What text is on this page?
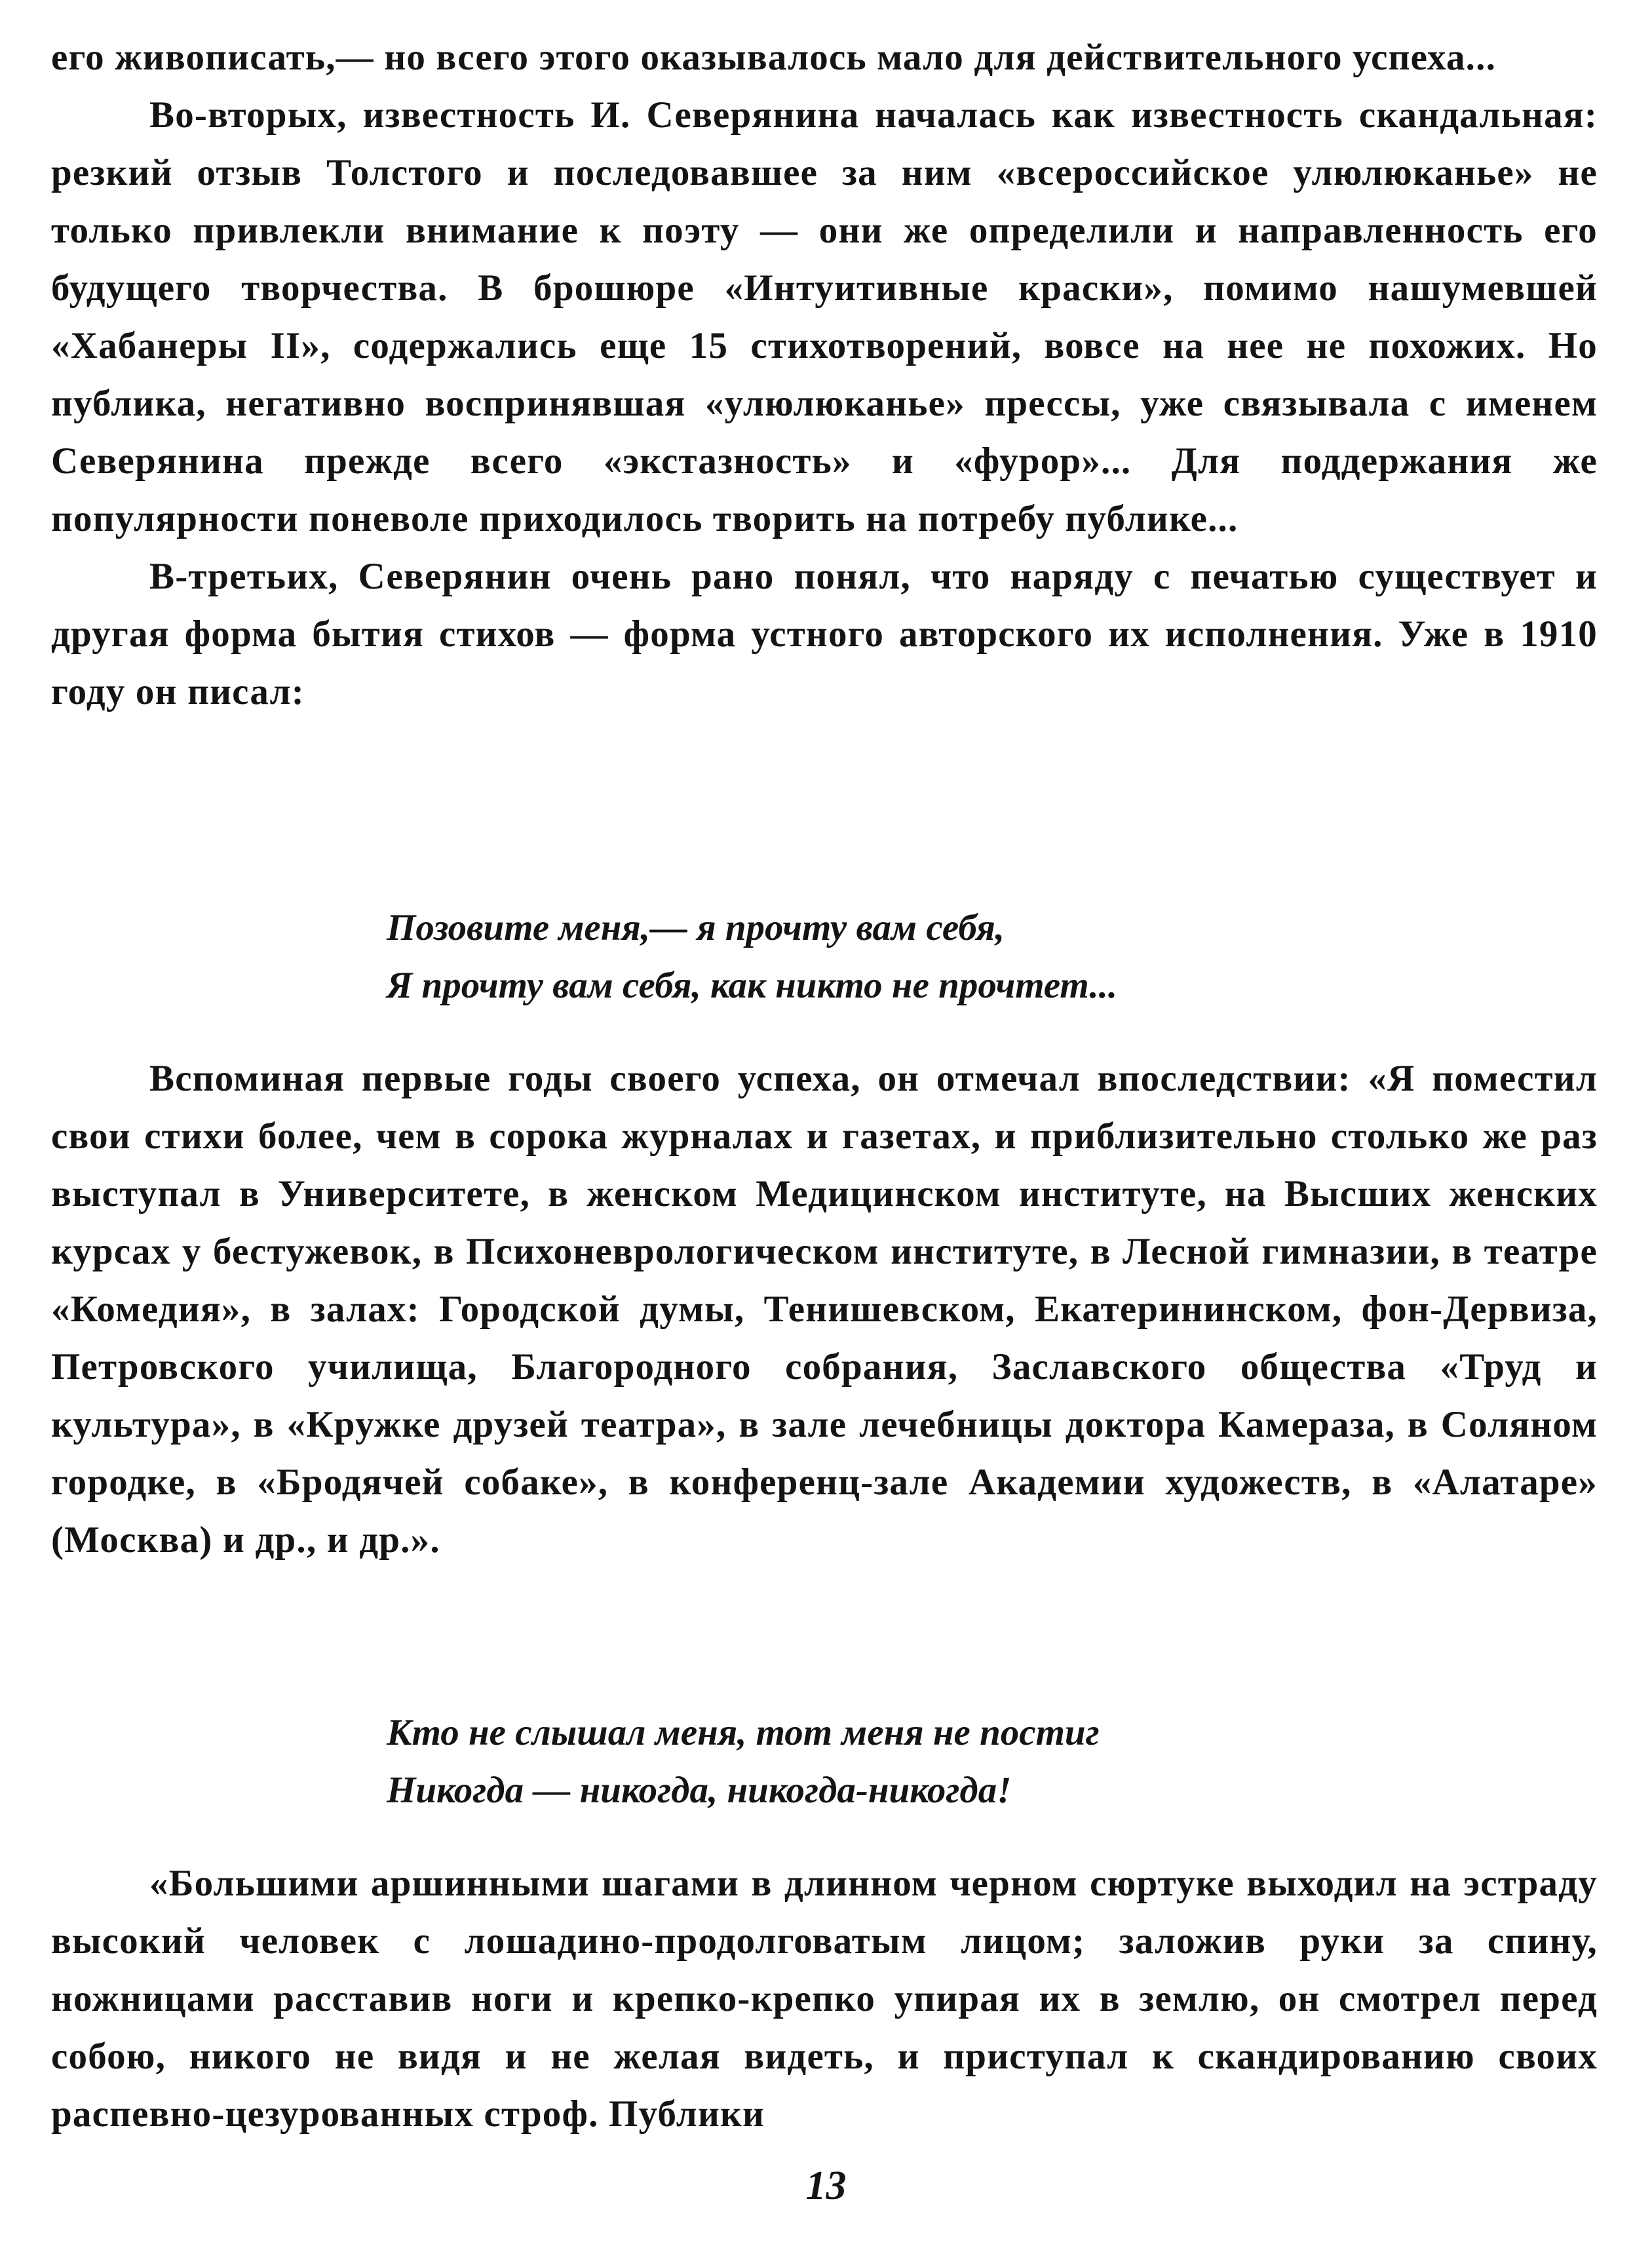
его живописать,— но всего этого оказывалось мало для действительного успеха...

Во-вторых, известность И. Северянина началась как известность скандальная: резкий отзыв Толстого и последовавшее за ним «всероссийское улюлюканье» не только привлекли внимание к поэту — они же определили и направленность его будущего творчества. В брошюре «Интуитивные краски», помимо нашумевшей «Хабанеры II», содержались еще 15 стихотворений, вовсе на нее не похожих. Но публика, негативно воспринявшая «улюлюканье» прессы, уже связывала с именем Северянина прежде всего «экстазность» и «фурор»... Для поддержания же популярности поневоле приходилось творить на потребу публике...

В-третьих, Северянин очень рано понял, что наряду с печатью существует и другая форма бытия стихов — форма устного авторского их исполнения. Уже в 1910 году он писал:

Позовите меня,— я прочту вам себя,
Я прочту вам себя, как никто не прочтет...

Вспоминая первые годы своего успеха, он отмечал впоследствии: «Я поместил свои стихи более, чем в сорока журналах и газетах, и приблизительно столько же раз выступал в Университете, в женском Медицинском институте, на Высших женских курсах у бестужевок, в Психоневрологическом институте, в Лесной гимназии, в театре «Комедия», в залах: Городской думы, Тенишевском, Екатерининском, фон-Дервиза, Петровского училища, Благородного собрания, Заславского общества «Труд и культура», в «Кружке друзей театра», в зале лечебницы доктора Камераза, в Соляном городке, в «Бродячей собаке», в конференц-зале Академии художеств, в «Алатаре» (Москва) и др., и др.».

Кто не слышал меня, тот меня не постиг
Никогда — никогда, никогда-никогда!

«Большими аршинными шагами в длинном черном сюртуке выходил на эстраду высокий человек с лошадино-продолговатым лицом; заложив руки за спину, ножницами расставив ноги и крепко-крепко упирая их в землю, он смотрел перед собою, никого не видя и не желая видеть, и приступал к скандированию своих распевно-цезурованных строф. Публики

13
